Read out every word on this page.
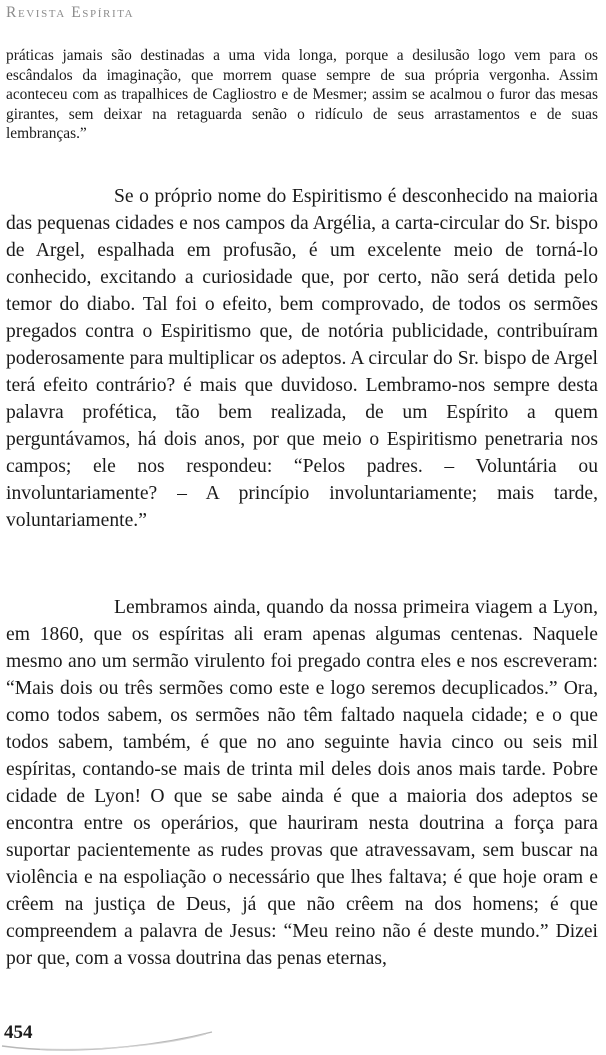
Revista Espírita
práticas jamais são destinadas a uma vida longa, porque a desilusão logo vem para os escândalos da imaginação, que morrem quase sempre de sua própria vergonha. Assim aconteceu com as trapalhices de Cagliostro e de Mesmer; assim se acalmou o furor das mesas girantes, sem deixar na retaguarda senão o ridículo de seus arrastamentos e de suas lembranças.”
Se o próprio nome do Espiritismo é desconhecido na maioria das pequenas cidades e nos campos da Argélia, a carta-circular do Sr. bispo de Argel, espalhada em profusão, é um excelente meio de torná-lo conhecido, excitando a curiosidade que, por certo, não será detida pelo temor do diabo. Tal foi o efeito, bem comprovado, de todos os sermões pregados contra o Espiritismo que, de notória publicidade, contribuíram poderosamente para multiplicar os adeptos. A circular do Sr. bispo de Argel terá efeito contrário? é mais que duvidoso. Lembramo-nos sempre desta palavra profética, tão bem realizada, de um Espírito a quem perguntávamos, há dois anos, por que meio o Espiritismo penetraria nos campos; ele nos respondeu: “Pelos padres. – Voluntária ou involuntariamente? – A princípio involuntariamente; mais tarde, voluntariamente.”
Lembramos ainda, quando da nossa primeira viagem a Lyon, em 1860, que os espíritas ali eram apenas algumas centenas. Naquele mesmo ano um sermão virulento foi pregado contra eles e nos escreveram: “Mais dois ou três sermões como este e logo seremos decuplicados.” Ora, como todos sabem, os sermões não têm faltado naquela cidade; e o que todos sabem, também, é que no ano seguinte havia cinco ou seis mil espíritas, contando-se mais de trinta mil deles dois anos mais tarde. Pobre cidade de Lyon! O que se sabe ainda é que a maioria dos adeptos se encontra entre os operários, que hauriram nesta doutrina a força para suportar pacientemente as rudes provas que atravessavam, sem buscar na violência e na espoliação o necessário que lhes faltava; é que hoje oram e crêem na justiça de Deus, já que não crêem na dos homens; é que compreendem a palavra de Jesus: “Meu reino não é deste mundo.” Dizei por que, com a vossa doutrina das penas eternas,
454
